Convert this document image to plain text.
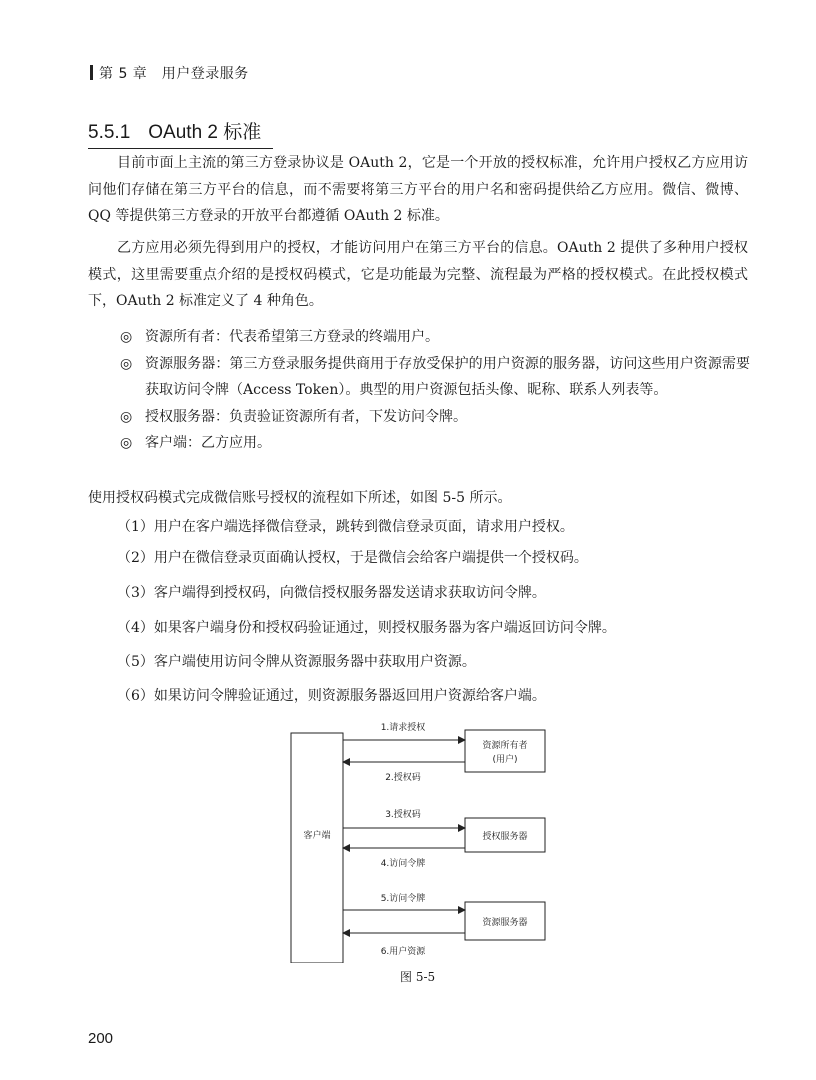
第 5 章　用户登录服务
5.5.1 OAuth 2 标准

目前市面上主流的第三方登录协议是 OAuth 2，它是一个开放的授权标准，允许用户授权乙方应用访问他们存储在第三方平台的信息，而不需要将第三方平台的用户名和密码提供给乙方应用。微信、微博、QQ 等提供第三方登录的开放平台都遵循 OAuth 2 标准。

乙方应用必须先得到用户的授权，才能访问用户在第三方平台的信息。OAuth 2 提供了多种用户授权模式，这里需要重点介绍的是授权码模式，它是功能最为完整、流程最为严格的授权模式。在此授权模式下，OAuth 2 标准定义了 4 种角色。

◎ 资源所有者：代表希望第三方登录的终端用户。
◎ 资源服务器：第三方登录服务提供商用于存放受保护的用户资源的服务器，访问这些用户资源需要获取访问令牌（Access Token）。典型的用户资源包括头像、昵称、联系人列表等。
◎ 授权服务器：负责验证资源所有者，下发访问令牌。
◎ 客户端：乙方应用。
使用授权码模式完成微信账号授权的流程如下所述，如图 5-5 所示。
（1）用户在客户端选择微信登录，跳转到微信登录页面，请求用户授权。
（2）用户在微信登录页面确认授权，于是微信会给客户端提供一个授权码。
（3）客户端得到授权码，向微信授权服务器发送请求获取访问令牌。
（4）如果客户端身份和授权码验证通过，则授权服务器为客户端返回访问令牌。
（5）客户端使用访问令牌从资源服务器中获取用户资源。
（6）如果访问令牌验证通过，则资源服务器返回用户资源给客户端。
客户端
资源所有者
(用户)
授权服务器
资源服务器
1.请求授权
2.授权码
3.授权码
4.访问令牌
5.访问令牌
6.用户资源
图 5-5
200
